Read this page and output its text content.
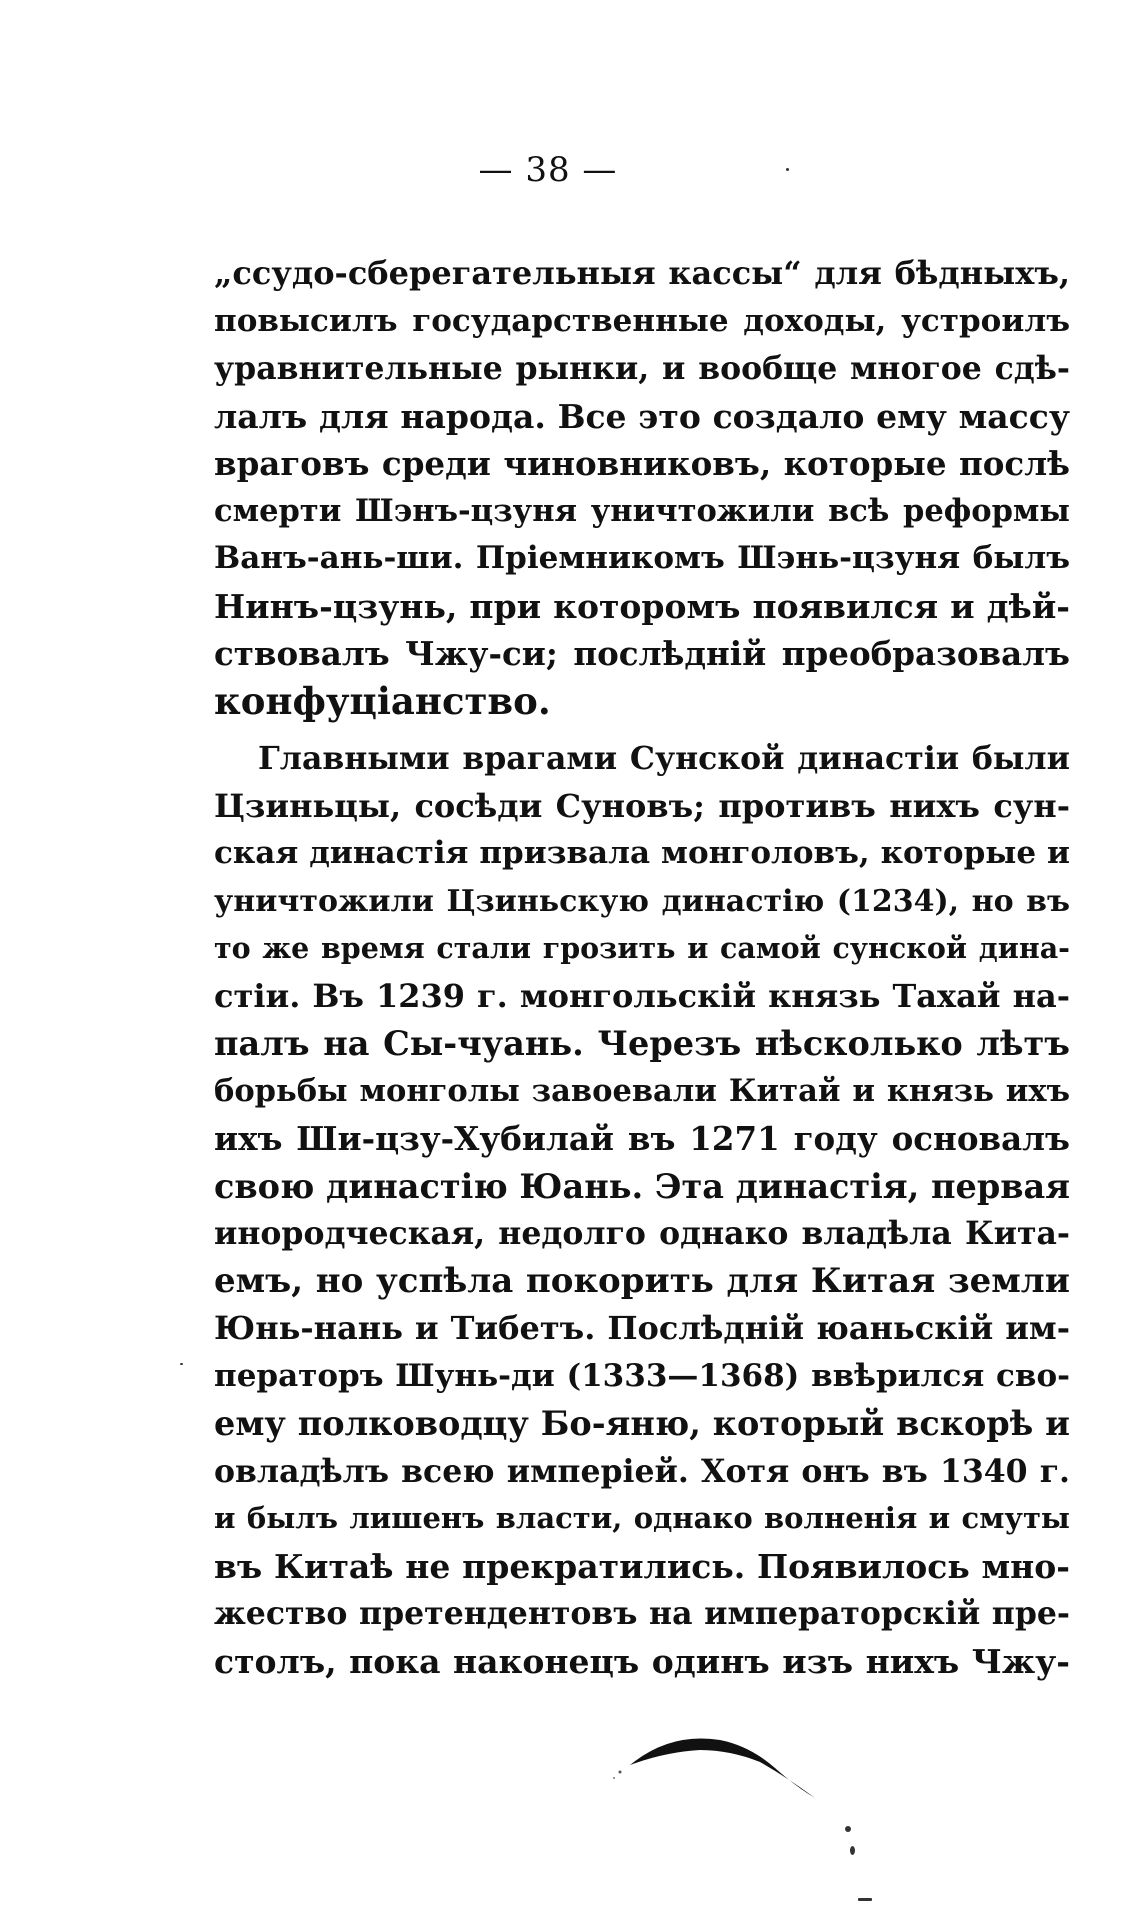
— 38 —
„ссудо-сберегательныя кассы“ для бѣдныхъ,
повысилъ государственные доходы, устроилъ
уравнительные рынки, и вообще многое сдѣ-
лалъ для народа. Все это создало ему массу
враговъ среди чиновниковъ, которые послѣ
смерти Шэнъ-цзуня уничтожили всѣ реформы
Ванъ-ань-ши. Пріемникомъ Шэнь-цзуня былъ
Нинъ-цзунь, при которомъ появился и дѣй-
ствовалъ Чжу-си; послѣдній преобразовалъ
конфуціанство.
Главными врагами Сунской династіи были
Цзиньцы, сосѣди Суновъ; противъ нихъ сун-
ская династія призвала монголовъ, которые и
уничтожили Цзиньскую династію (1234), но въ
то же время стали грозить и самой сунской дина-
стіи. Въ 1239 г. монгольскій князь Тахай на-
палъ на Сы-чуань. Черезъ нѣсколько лѣтъ
борьбы монголы завоевали Китай и князь ихъ
ихъ Ши-цзу-Хубилай въ 1271 году основалъ
свою династію Юань. Эта династія, первая
инородческая, недолго однако владѣла Кита-
емъ, но успѣла покорить для Китая земли
Юнь-нань и Тибетъ. Послѣдній юаньскій им-
ператоръ Шунь-ди (1333—1368) ввѣрился сво-
ему полководцу Бо-яню, который вскорѣ и
овладѣлъ всею имперіей. Хотя онъ въ 1340 г.
и былъ лишенъ власти, однако волненія и смуты
въ Китаѣ не прекратились. Появилось мно-
жество претендентовъ на императорскій пре-
столъ, пока наконецъ одинъ изъ нихъ Чжу-
